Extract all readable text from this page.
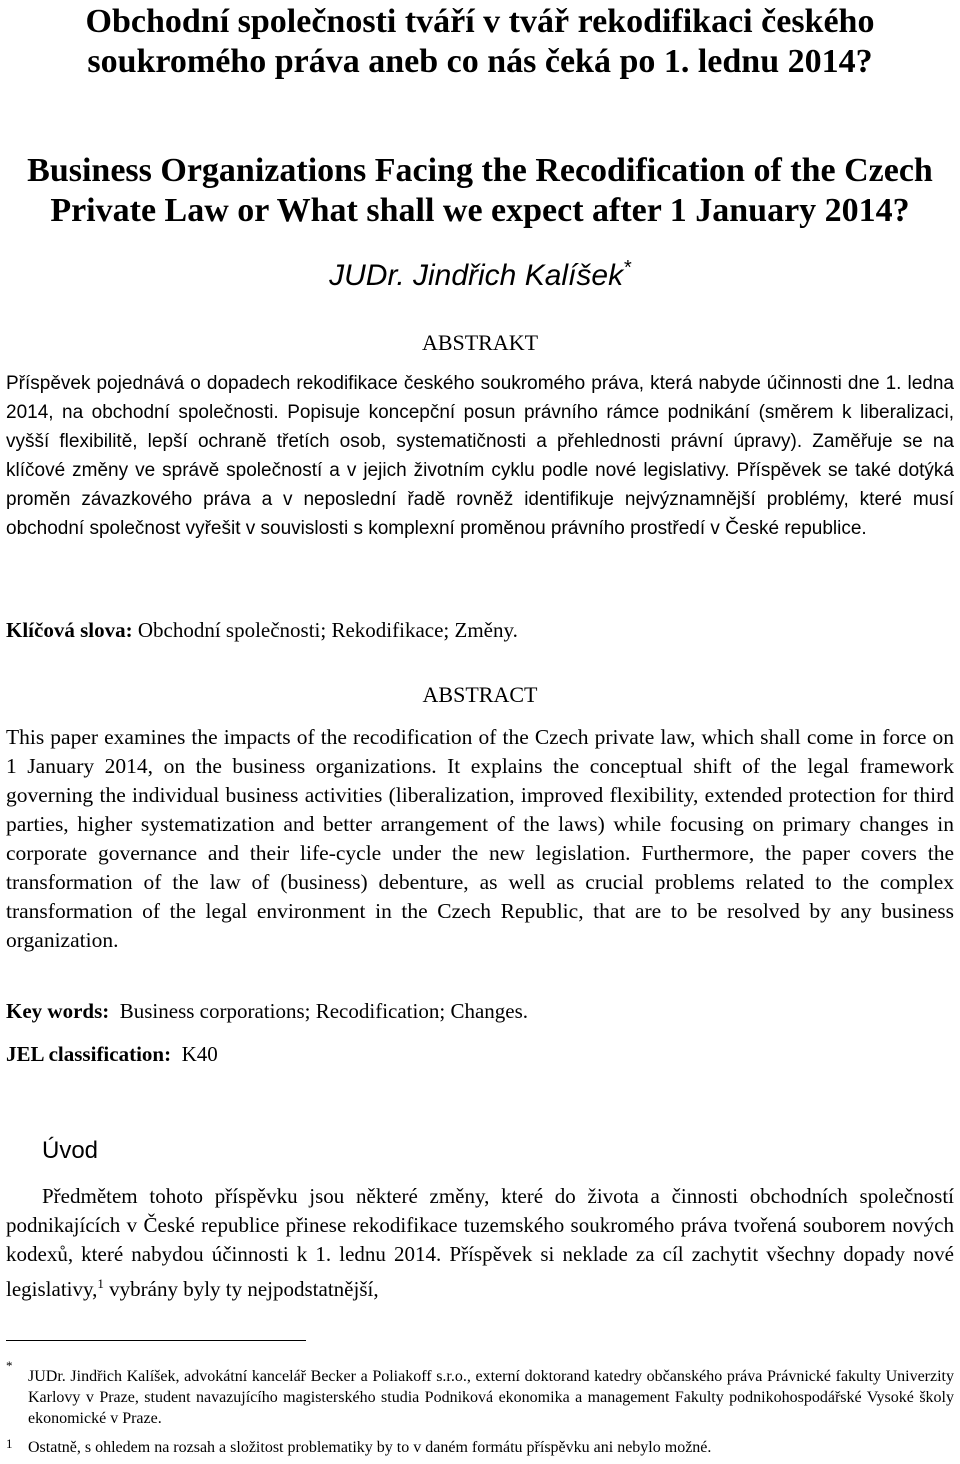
Obchodní společnosti tváří v tvář rekodifikaci českého soukromého práva aneb co nás čeká po 1. lednu 2014?
Business Organizations Facing the Recodification of the Czech Private Law or What shall we expect after 1 January 2014?
JUDr. Jindřich Kalíšek*
ABSTRAKT
Příspěvek pojednává o dopadech rekodifikace českého soukromého práva, která nabyde účinnosti dne 1. ledna 2014, na obchodní společnosti. Popisuje koncepční posun právního rámce podnikání (směrem k liberalizaci, vyšší flexibilitě, lepší ochraně třetích osob, systematičnosti a přehlednosti právní úpravy). Zaměřuje se na klíčové změny ve správě společností a v jejich životním cyklu podle nové legislativy. Příspěvek se také dotýká proměn závazkového práva a v neposlední řadě rovněž identifikuje nejvýznamnější problémy, které musí obchodní společnost vyřešit v souvislosti s komplexní proměnou právního prostředí v České republice.
Klíčová slova: Obchodní společnosti; Rekodifikace; Změny.
ABSTRACT
This paper examines the impacts of the recodification of the Czech private law, which shall come in force on 1 January 2014, on the business organizations. It explains the conceptual shift of the legal framework governing the individual business activities (liberalization, improved flexibility, extended protection for third parties, higher systematization and better arrangement of the laws) while focusing on primary changes in corporate governance and their life-cycle under the new legislation. Furthermore, the paper covers the transformation of the law of (business) debenture, as well as crucial problems related to the complex transformation of the legal environment in the Czech Republic, that are to be resolved by any business organization.
Key words: Business corporations; Recodification; Changes.
JEL classification: K40
Úvod
Předmětem tohoto příspěvku jsou některé změny, které do života a činnosti obchodních společností podnikajících v České republice přinese rekodifikace tuzemského soukromého práva tvořená souborem nových kodexů, které nabydou účinnosti k 1. lednu 2014. Příspěvek si neklade za cíl zachytit všechny dopady nové legislativy,$^1$ vybrány byly ty nejpodstatnější,
*
JUDr. Jindřich Kalíšek, advokátní kancelář Becker a Poliakoff s.r.o., externí doktorand katedry občanského práva Právnické fakulty Univerzity Karlovy v Praze, student navazujícího magisterského studia Podniková ekonomika a management Fakulty podnikohospodářské Vysoké školy ekonomické v Praze.
1 Ostatně, s ohledem na rozsah a složitost problematiky by to v daném formátu příspěvku ani nebylo možné.
